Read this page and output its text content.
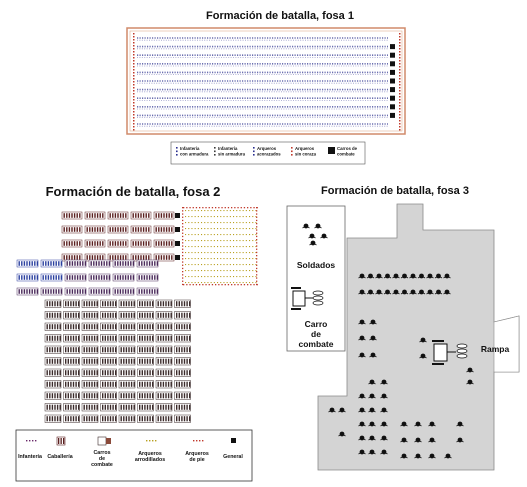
Formación de batalla, fosa 1
Infantería
con armadura
Infantería
sin armadura
Arqueros
acorazados
Arqueros
sin coraza
Carros de
combate
Formación de batalla, fosa 2
Infantería Caballería
Carros
de
combate
Arqueros
arrodillados
Arqueros
de pie	General
Formación de batalla, fosa 3
Soldados
Carro
de
combate	Rampa
